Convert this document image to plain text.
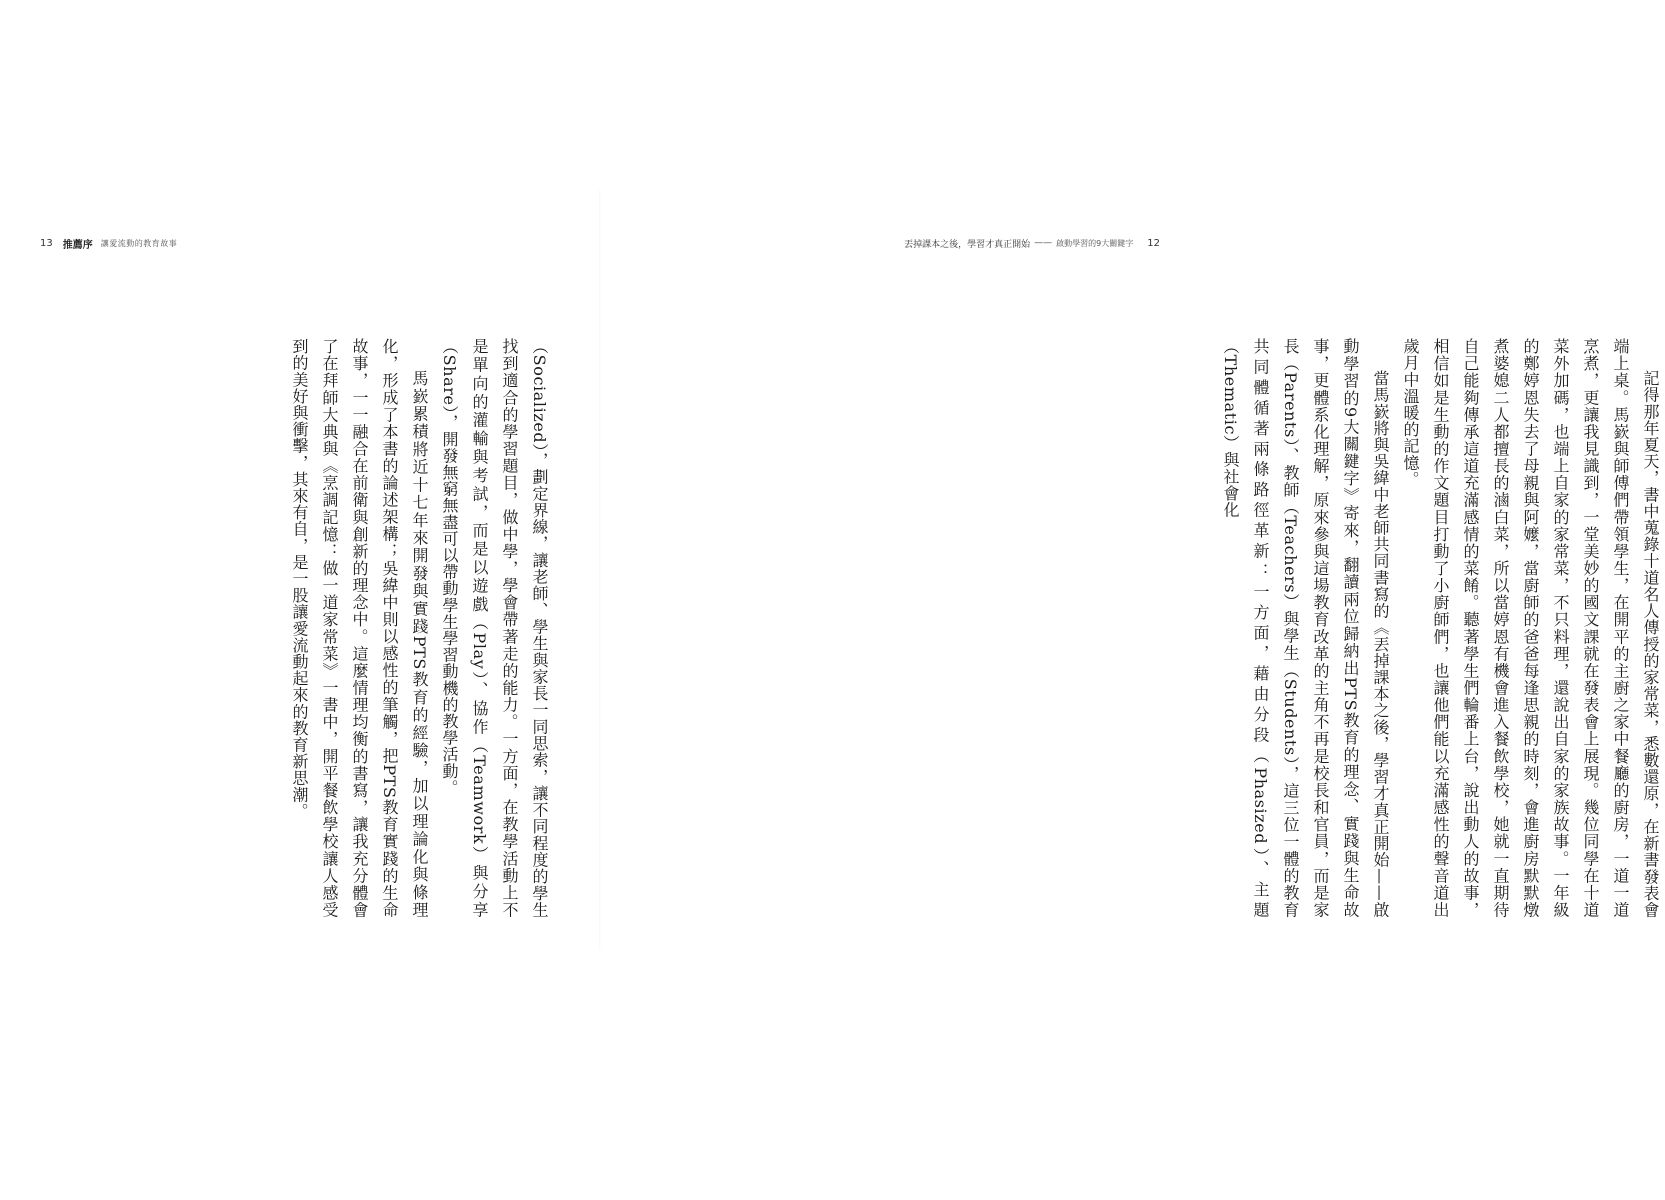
13 推薦序 讓愛流動的教育故事

（Socialized），劃定界線，讓老師、學生與家長一同思索，讓不同程度的學生找到適合的學習題目，做中學，學會帶著走的能力。一方面，在教學活動上不是單向的灌輸與考試，而是以遊戲（Play）、協作（Teamwork）與分享（Share），開發無窮無盡可以帶動學生學習動機的教學活動。

馬嶔累積將近十七年來開發與實踐PTS教育的經驗，加以理論化與條理化，形成了本書的論述架構；吳緯中則以感性的筆觸，把PTS教育實踐的生命故事，一一融合在前衛與創新的理念中。這麼情理均衡的書寫，讓我充分體會了在拜師大典與《烹調記憶：做一道家常菜》一書中，開平餐飲學校讓人感受到的美好與衝擊，其來有自，是一股讓愛流動起來的教育新思潮。

丟掉課本之後，學習才真正開始 —— 啟動學習的9大關鍵字 12

記得那年夏天，書中蒐錄十道名人傳授的家常菜，悉數還原，在新書發表會端上桌。馬嶔與師傅們帶領學生，在開平的主廚之家中餐廳的廚房，一道一道烹煮，更讓我見識到，一堂美妙的國文課就在發表會上展現。幾位同學在十道菜外加碼，也端上自家的家常菜，不只料理，還說出自家的家族故事。一年級的鄭婷恩失去了母親與阿嬤，當廚師的爸爸每逢思親的時刻，會進廚房默默燉煮婆媳二人都擅長的滷白菜，所以當婷恩有機會進入餐飲學校，她就一直期待自己能夠傳承這道充滿感情的菜餚。聽著學生們輪番上台，說出動人的故事，相信如是生動的作文題目打動了小廚師們，也讓他們能以充滿感性的聲音道出歲月中溫暖的記憶。

當馬嶔將與吳緯中老師共同書寫的《丟掉課本之後，學習才真正開始——啟動學習的9大關鍵字》寄來，翻讀兩位歸納出PTS教育的理念、實踐與生命故事，更體系化理解，原來參與這場教育改革的主角不再是校長和官員，而是家長（Parents）、教師（Teachers）與學生（Students），這三位一體的教育共同體循著兩條路徑革新：一方面，藉由分段（Phasized）、主題（Thematic）與社會化
